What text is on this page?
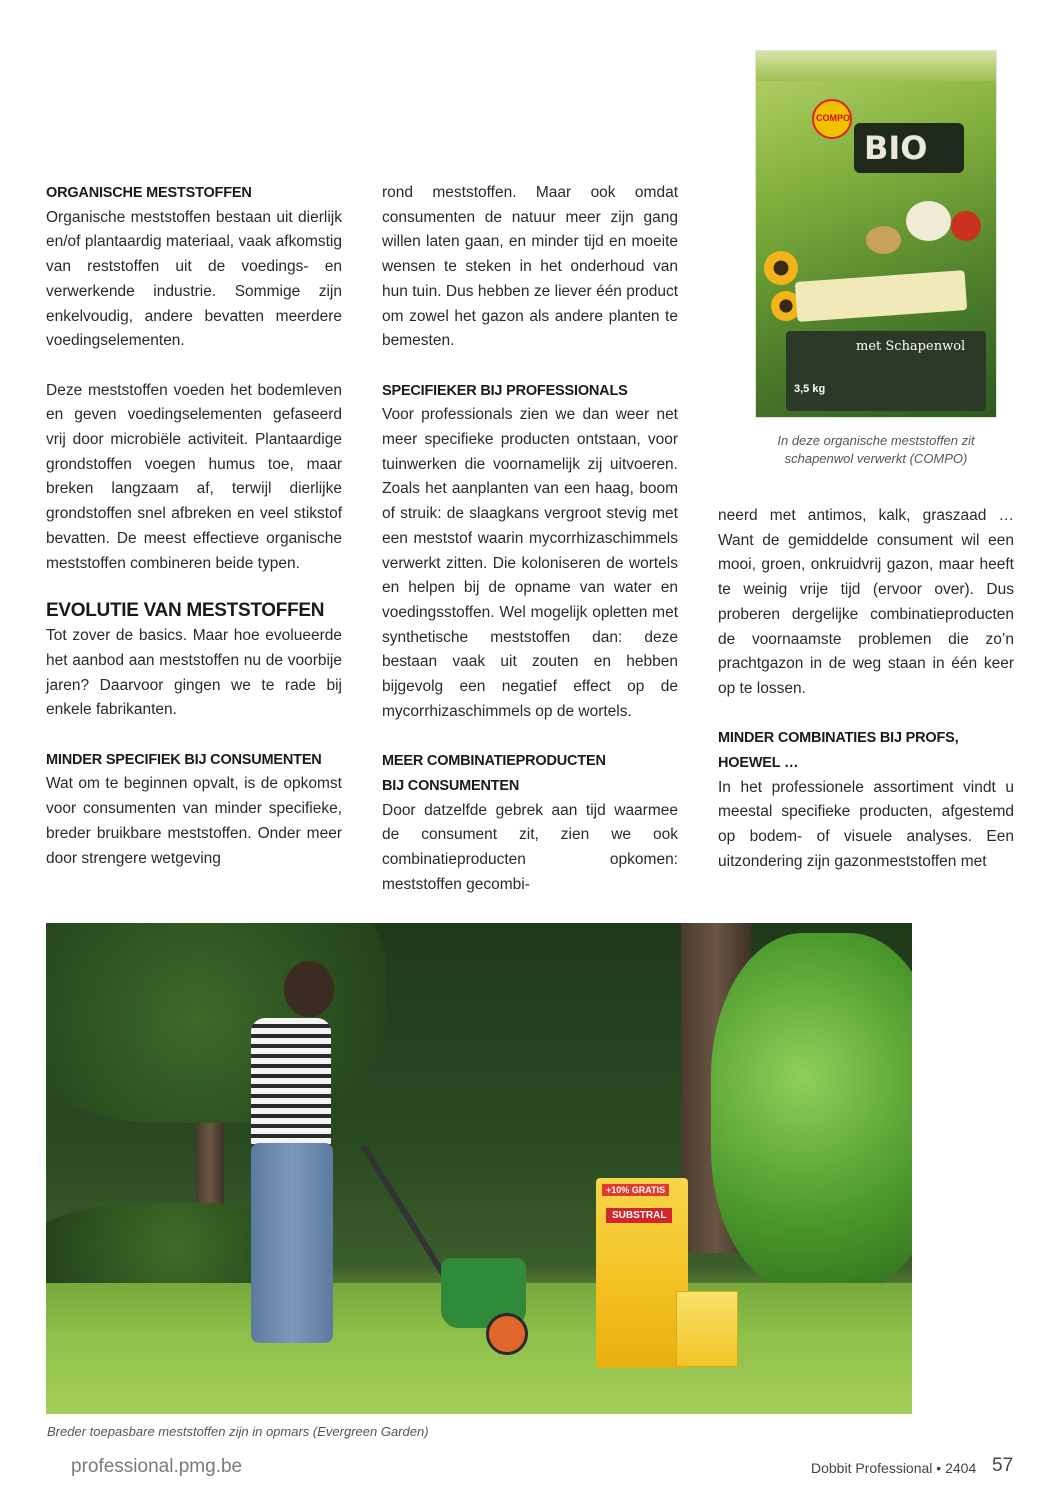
ORGANISCHE MESTSTOFFEN

Organische meststoffen bestaan uit dierlijk en/of plantaardig materiaal, vaak afkomstig van reststoffen uit de voedings- en verwerkende industrie. Sommige zijn enkelvoudig, andere bevatten meerdere voedingselementen.

Deze meststoffen voeden het bodemleven en geven voedingselementen gefaseerd vrij door microbiële activiteit. Plantaardige grondstoffen voegen humus toe, maar breken langzaam af, terwijl dierlijke grondstoffen snel afbreken en veel stikstof bevatten. De meest effectieve organische meststoffen combineren beide typen.

EVOLUTIE VAN MESTSTOFFEN

Tot zover de basics. Maar hoe evolueerde het aanbod aan meststoffen nu de voorbije jaren? Daarvoor gingen we te rade bij enkele fabrikanten.

MINDER SPECIFIEK BIJ CONSUMENTEN

Wat om te beginnen opvalt, is de opkomst voor consumenten van minder specifieke, breder bruikbare meststoffen. Onder meer door strengere wetgeving

rond meststoffen. Maar ook omdat consumenten de natuur meer zijn gang willen laten gaan, en minder tijd en moeite wensen te steken in het onderhoud van hun tuin. Dus hebben ze liever één product om zowel het gazon als andere planten te bemesten.

SPECIFIEKER BIJ PROFESSIONALS

Voor professionals zien we dan weer net meer specifieke producten ontstaan, voor tuinwerken die voornamelijk zij uitvoeren. Zoals het aanplanten van een haag, boom of struik: de slaagkans vergroot stevig met een meststof waarin mycorrhizaschimmels verwerkt zitten. Die koloniseren de wortels en helpen bij de opname van water en voedingsstoffen. Wel mogelijk opletten met synthetische meststoffen dan: deze bestaan vaak uit zouten en hebben bijgevolg een negatief effect op de mycorrhizaschimmels op de wortels.

MEER COMBINATIEPRODUCTEN
BIJ CONSUMENTEN

Door datzelfde gebrek aan tijd waarmee de consument zit, zien we ook combinatieproducten opkomen: meststoffen gecombi-

neerd met antimos, kalk, graszaad … Want de gemiddelde consument wil een mooi, groen, onkruidvrij gazon, maar heeft te weinig vrije tijd (ervoor over). Dus proberen dergelijke combinatieproducten de voornaamste problemen die zo’n prachtgazon in de weg staan in één keer op te lossen.

MINDER COMBINATIES BIJ PROFS,
HOEWEL …

In het professionele assortiment vindt u meestal specifieke producten, afgestemd op bodem- of visuele analyses. Een uitzondering zijn gazonmeststoffen met

COMPO
BIO
met Schapenwol
3,5 kg
In deze organische meststoffen zit schapenwol verwerkt (COMPO)
+10% GRATIS
SUBSTRAL
Breder toepasbare meststoffen zijn in opmars (Evergreen Garden)
professional.pmg.be	Dobbit Professional • 2404 57
